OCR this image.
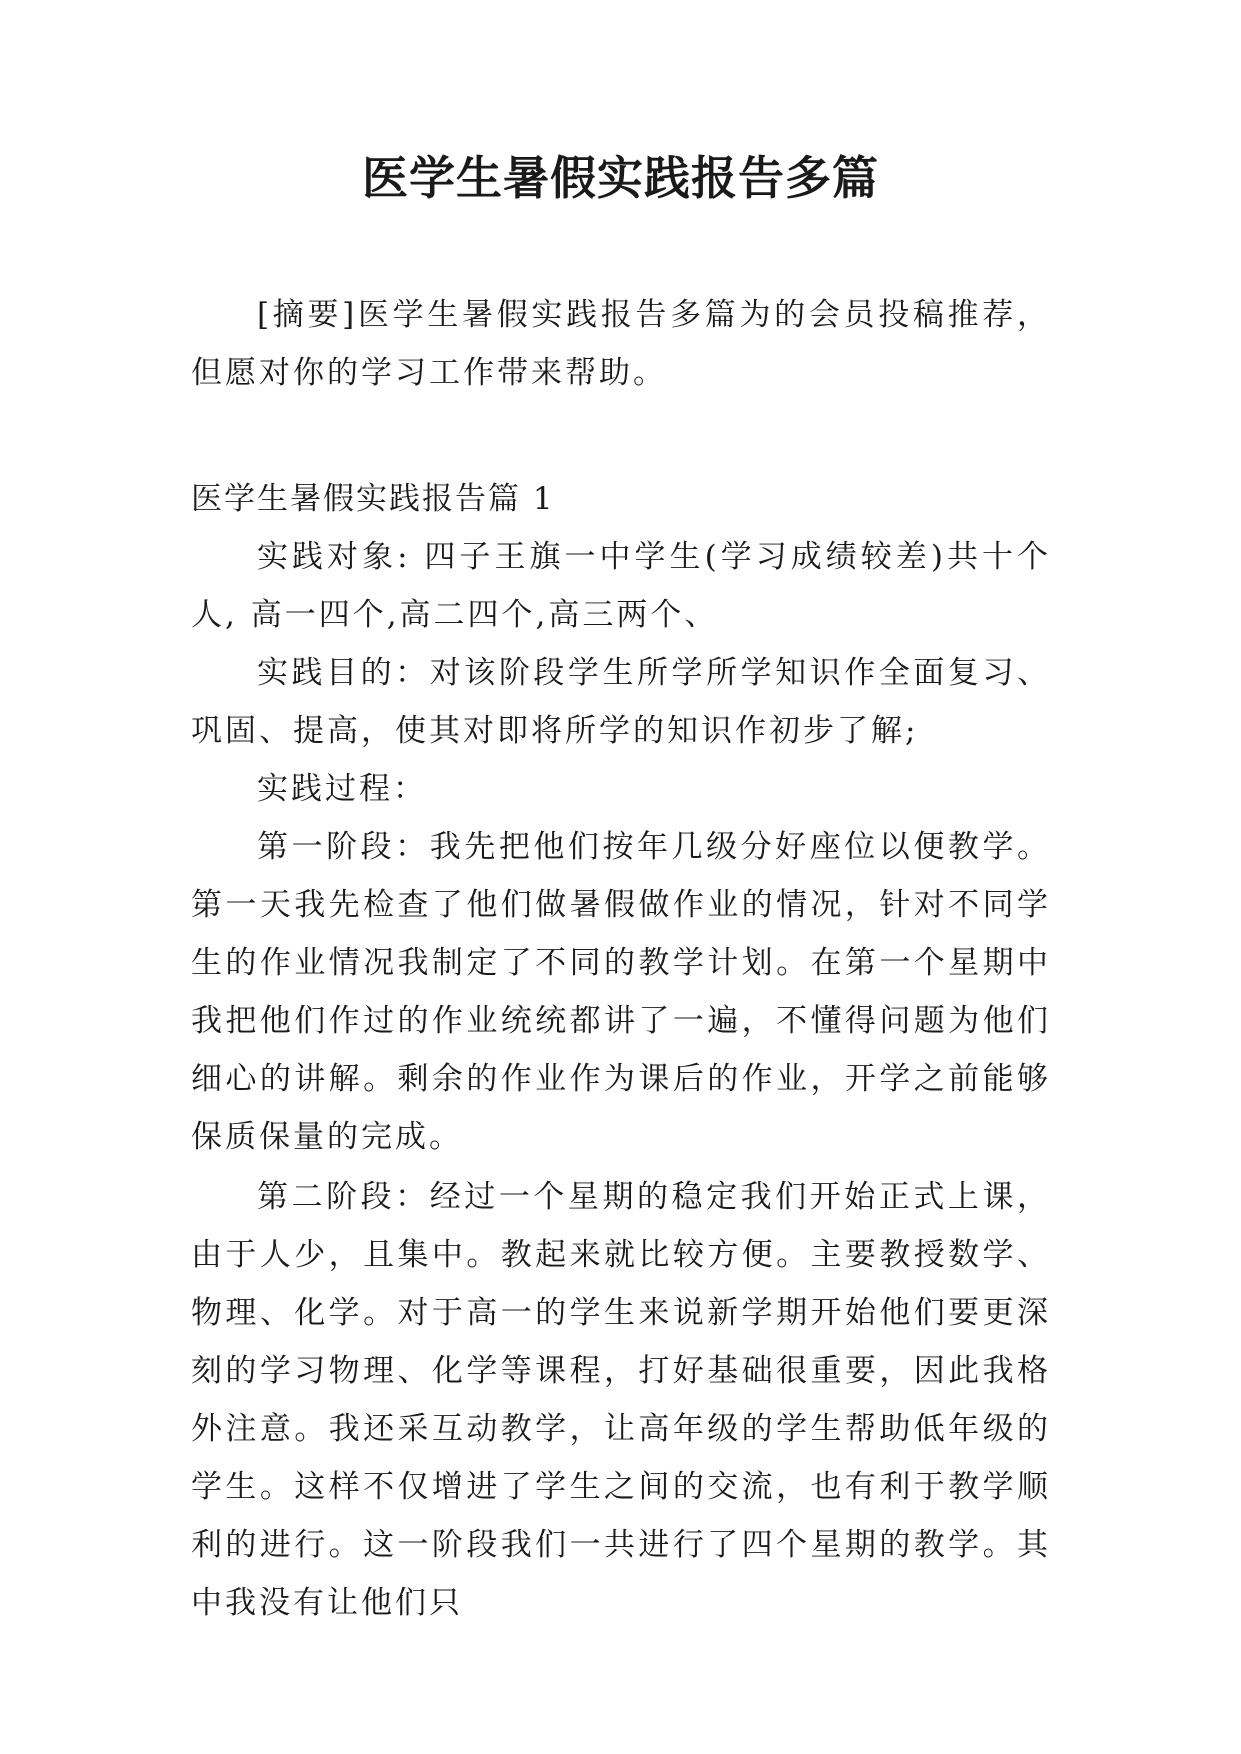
医学生暑假实践报告多篇

[摘要]医学生暑假实践报告多篇为的会员投稿推荐，但愿对你的学习工作带来帮助。

医学生暑假实践报告篇 1

实践对象: 四子王旗一中学生(学习成绩较差)共十个人, 高一四个,高二四个,高三两个、

实践目的：对该阶段学生所学所学知识作全面复习、巩固、提高，使其对即将所学的知识作初步了解;

实践过程：

第一阶段：我先把他们按年几级分好座位以便教学。第一天我先检查了他们做暑假做作业的情况，针对不同学生的作业情况我制定了不同的教学计划。在第一个星期中我把他们作过的作业统统都讲了一遍，不懂得问题为他们细心的讲解。剩余的作业作为课后的作业，开学之前能够保质保量的完成。

第二阶段：经过一个星期的稳定我们开始正式上课，由于人少，且集中。教起来就比较方便。主要教授数学、物理、化学。对于高一的学生来说新学期开始他们要更深刻的学习物理、化学等课程，打好基础很重要，因此我格外注意。我还采互动教学，让高年级的学生帮助低年级的学生。这样不仅增进了学生之间的交流，也有利于教学顺利的进行。这一阶段我们一共进行了四个星期的教学。其中我没有让他们只
